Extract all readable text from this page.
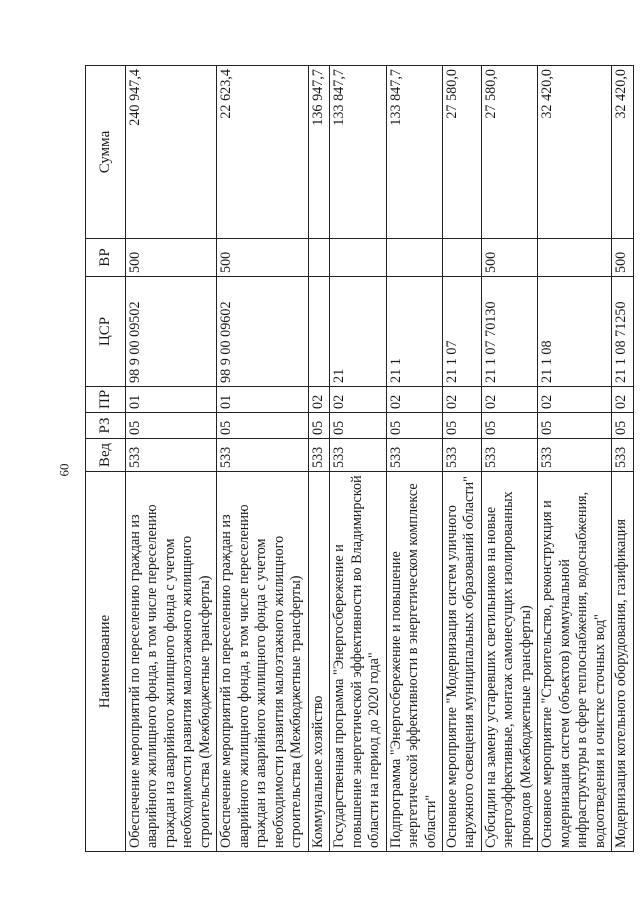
60
Наименование	Вед	РЗ	ПР	ЦСР	ВР	Сумма
Обеспечение мероприятий по переселению граждан из аварийного жилищного фонда, в том числе переселению граждан из аварийного жилищного фонда с учетом необходимости развития малоэтажного жилищного строительства (Межбюджетные трансферты)	533	05	01	98 9 00 09502	500	240 947,4
Обеспечение мероприятий по переселению граждан из аварийного жилищного фонда, в том числе переселению граждан из аварийного жилищного фонда с учетом необходимости развития малоэтажного жилищного строительства (Межбюджетные трансферты)	533	05	01	98 9 00 09602	500	22 623,4
Коммунальное хозяйство	533	05	02			136 947,7
Государственная программа "Энергосбережение и повышение энергетической эффективности во Владимирской области на период до 2020 года"	533	05	02	21		133 847,7
Подпрограмма "Энергосбережение и повышение энергетической эффективности в энергетическом комплексе области"	533	05	02	21 1		133 847,7
Основное мероприятие "Модернизация систем уличного наружного освещения муниципальных образований области"	533	05	02	21 1 07		27 580,0
Субсидии на замену устаревших светильников на новые энергоэффективные, монтаж самонесущих изолированных проводов (Межбюджетные трансферты)	533	05	02	21 1 07 70130	500	27 580,0
Основное мероприятие "Строительство, реконструкция и модернизация систем (объектов) коммунальной инфраструктуры в сфере теплоснабжения, водоснабжения, водоотведения и очистке сточных вод"	533	05	02	21 1 08		32 420,0
Модернизация котельного оборудования, газификация	533	05	02	21 1 08 71250	500	32 420,0
